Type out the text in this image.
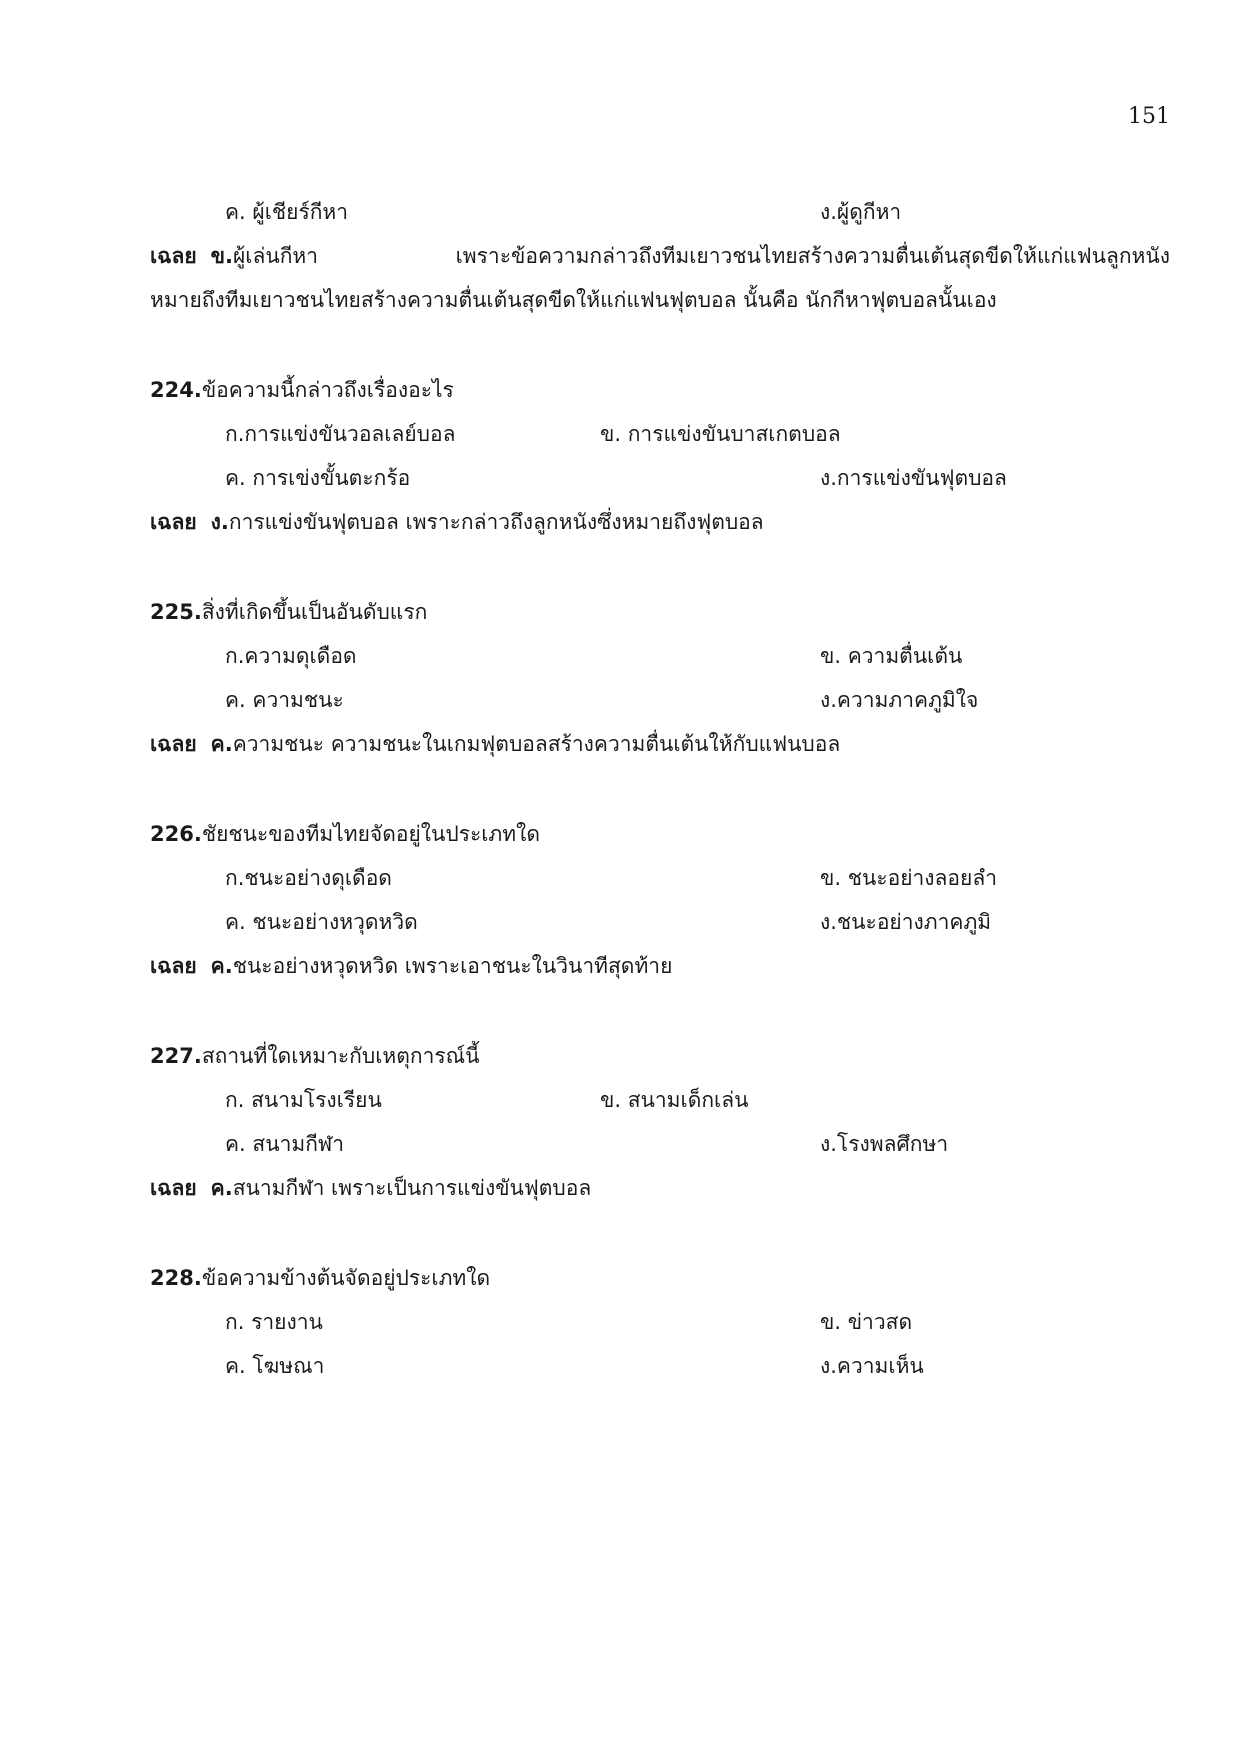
151
ค. ผู้เชียร์กีหา	ง.ผู้ดูกีหา
เฉลย ข.ผู้เล่นกีหา เพราะข้อความกล่าวถึงทีมเยาวชนไทยสร้างความตื่นเต้นสุดขีดให้แก่แฟนลูกหนัง
หมายถึงทีมเยาวชนไทยสร้างความตื่นเต้นสุดขีดให้แก่แฟนฟุตบอล นั้นคือ นักกีหาฟุตบอลนั้นเอง
224.ข้อความนี้กล่าวถึงเรื่องอะไร
ก.การแข่งขันวอลเลย์บอล	ข. การแข่งขันบาสเกตบอล
ค. การเข่งขั้นตะกร้อ	ง.การแข่งขันฟุตบอล
เฉลย ง.การแข่งขันฟุตบอล เพราะกล่าวถึงลูกหนังซึ่งหมายถึงฟุตบอล
225.สิ่งที่เกิดขึ้นเป็นอันดับแรก
ก.ความดุเดือด	ข. ความตื่นเต้น
ค. ความชนะ	ง.ความภาคภูมิใจ
เฉลย ค.ความชนะ ความชนะในเกมฟุตบอลสร้างความตื่นเต้นให้กับแฟนบอล
226.ชัยชนะของทีมไทยจัดอยู่ในประเภทใด
ก.ชนะอย่างดุเดือด	ข. ชนะอย่างลอยลำ
ค. ชนะอย่างหวุดหวิด	ง.ชนะอย่างภาคภูมิ
เฉลย ค.ชนะอย่างหวุดหวิด เพราะเอาชนะในวินาทีสุดท้าย
227.สถานที่ใดเหมาะกับเหตุการณ์นี้
ก. สนามโรงเรียน	ข. สนามเด็กเล่น
ค. สนามกีฬา	ง.โรงพลศึกษา
เฉลย ค.สนามกีฬา เพราะเป็นการแข่งขันฟุตบอล
228.ข้อความข้างต้นจัดอยู่ประเภทใด
ก. รายงาน	ข. ข่าวสด
ค. โฆษณา	ง.ความเห็น
